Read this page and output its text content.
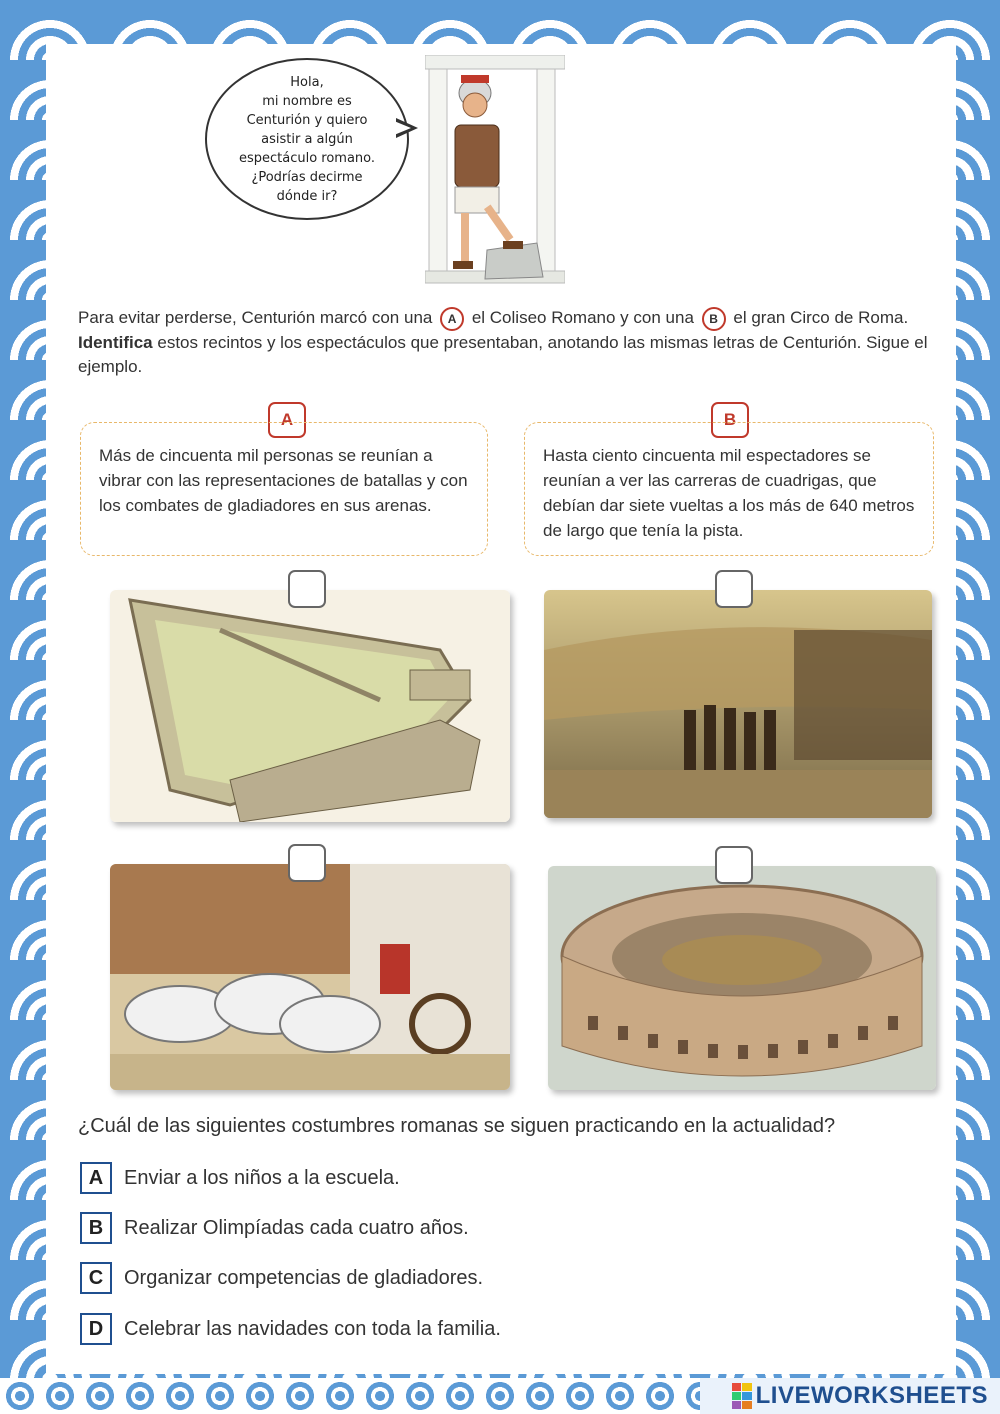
Hola,
mi nombre es
Centurión y quiero
asistir a algún
espectáculo romano.
¿Podrías decirme
dónde ir?
Para evitar perderse, Centurión marcó con una A el Coliseo Romano y con una B el gran Circo de Roma. Identifica estos recintos y los espectáculos que presentaban, anotando las mismas letras de Centurión. Sigue el ejemplo.
A
Más de cincuenta mil personas se reunían a vibrar con las representaciones de batallas y con los combates de gladiadores en sus arenas.
B
Hasta ciento cincuenta mil espectadores se reunían a ver las carreras de cuadrigas, que debían dar siete vueltas a los más de 640 metros de largo que tenía la pista.
¿Cuál de las siguientes costumbres romanas se siguen practicando en la actualidad?
A	Enviar a los niños a la escuela.
B	Realizar Olimpíadas cada cuatro años.
C	Organizar competencias de gladiadores.
D	Celebrar las navidades con toda la familia.
LIVEWORKSHEETS
